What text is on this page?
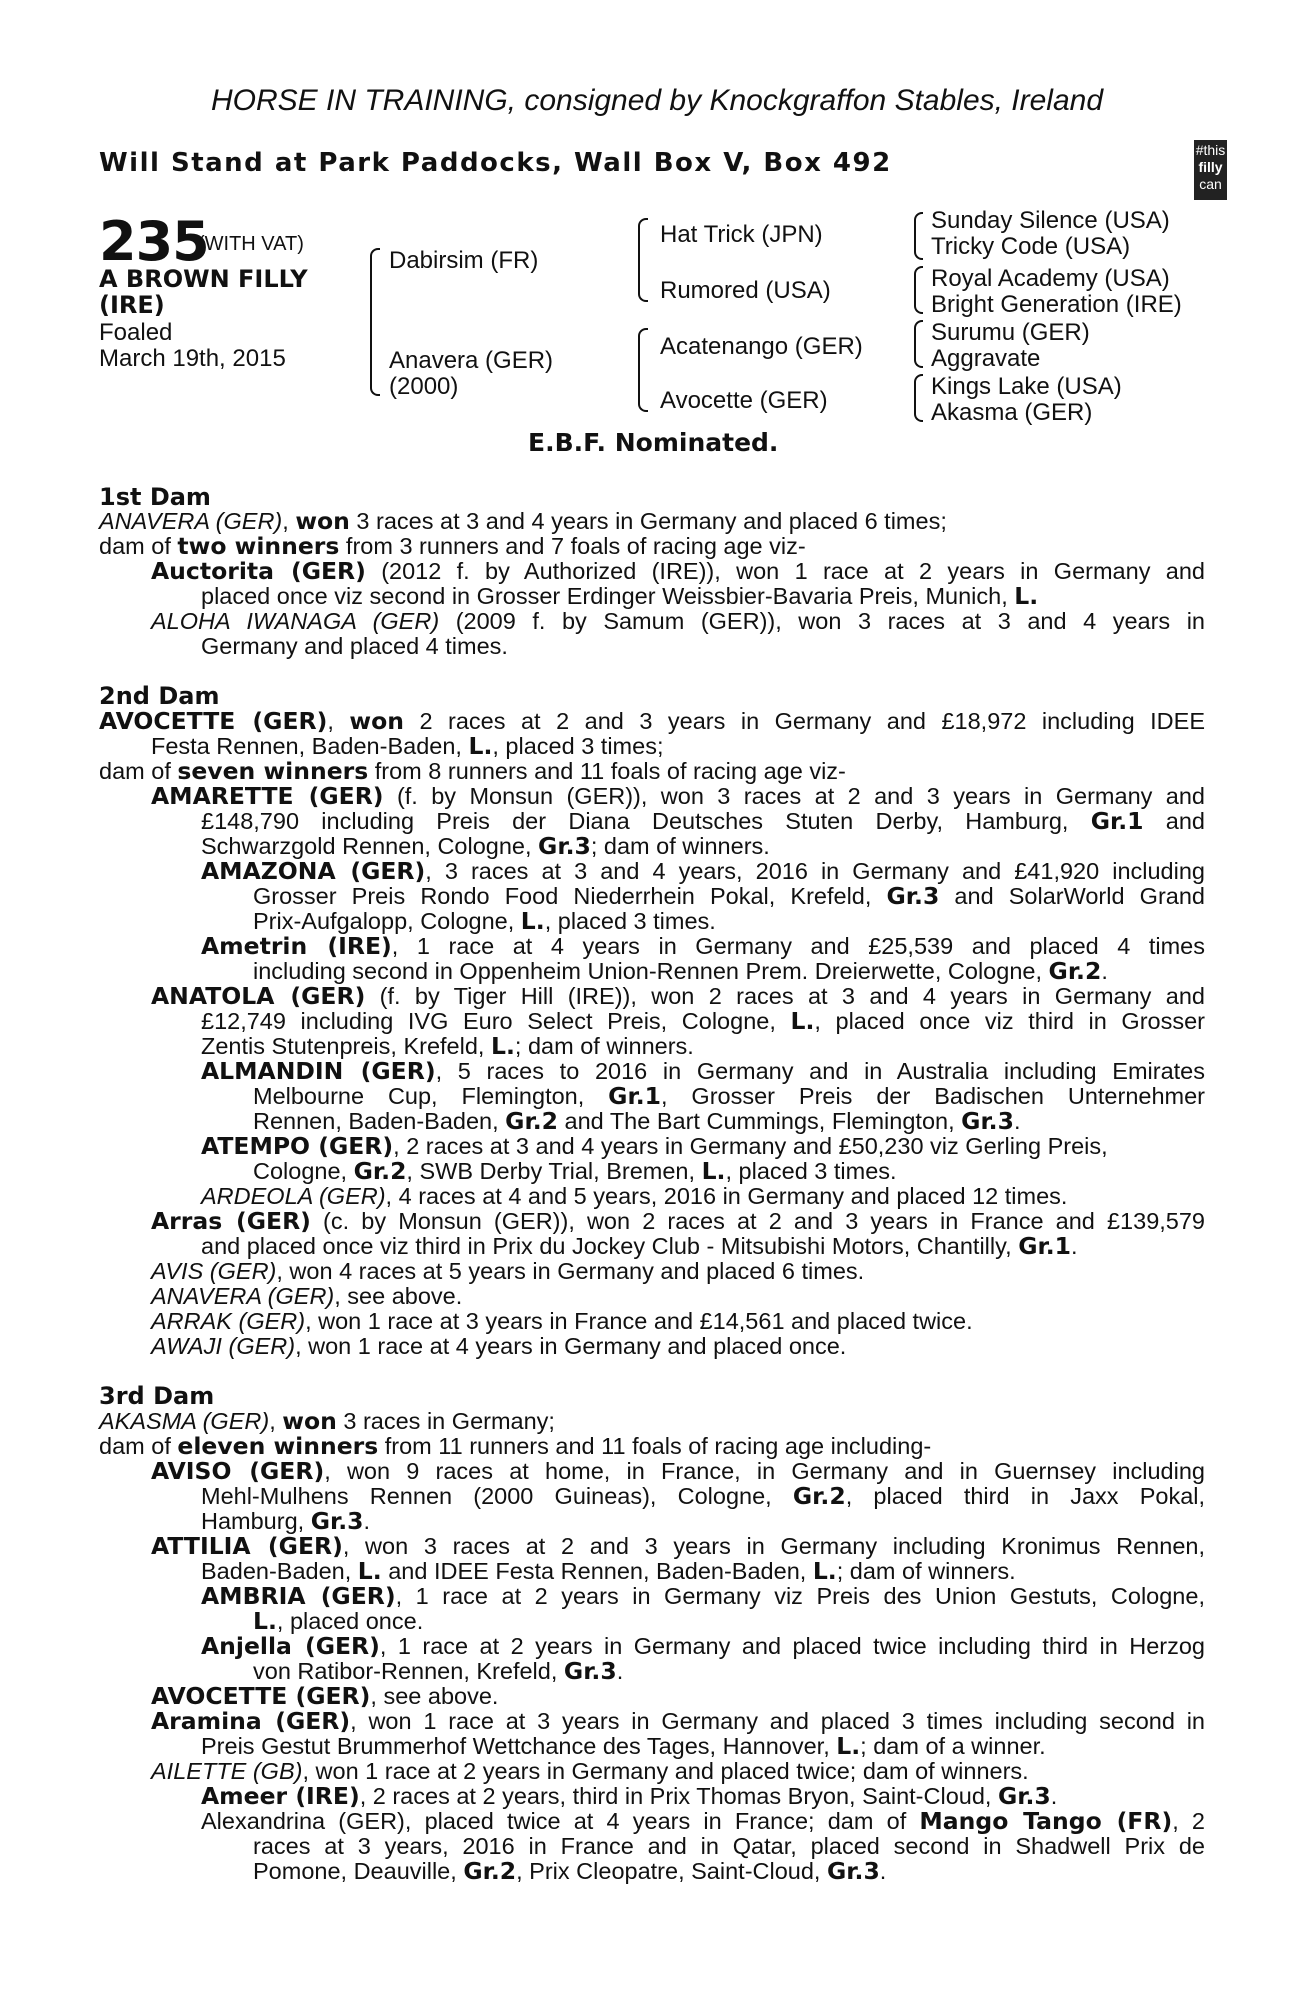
HORSE IN TRAINING, consigned by Knockgraffon Stables, Ireland
Will Stand at Park Paddocks, Wall Box V, Box 492	#this
filly
can
235
(WITH VAT)
A BROWN FILLY
(IRE)
Foaled
March 19th, 2015
Dabirsim (FR)
Anavera (GER)
(2000)
Hat Trick (JPN)
Rumored (USA)
Acatenango (GER)
Avocette (GER)
Sunday Silence (USA)
Tricky Code (USA)
Royal Academy (USA)
Bright Generation (IRE)
Surumu (GER)
Aggravate
Kings Lake (USA)
Akasma (GER)
E.B.F. Nominated.
1st Dam
ANAVERA (GER), won 3 races at 3 and 4 years in Germany and placed 6 times;
dam of two winners from 3 runners and 7 foals of racing age viz-
Auctorita (GER) (2012 f. by Authorized (IRE)), won 1 race at 2 years in Germany and
placed once viz second in Grosser Erdinger Weissbier-Bavaria Preis, Munich, L.
ALOHA IWANAGA (GER) (2009 f. by Samum (GER)), won 3 races at 3 and 4 years in
Germany and placed 4 times.
2nd Dam
AVOCETTE (GER), won 2 races at 2 and 3 years in Germany and £18,972 including IDEE
Festa Rennen, Baden-Baden, L., placed 3 times;
dam of seven winners from 8 runners and 11 foals of racing age viz-
AMARETTE (GER) (f. by Monsun (GER)), won 3 races at 2 and 3 years in Germany and
£148,790 including Preis der Diana Deutsches Stuten Derby, Hamburg, Gr.1 and
Schwarzgold Rennen, Cologne, Gr.3; dam of winners.
AMAZONA (GER), 3 races at 3 and 4 years, 2016 in Germany and £41,920 including
Grosser Preis Rondo Food Niederrhein Pokal, Krefeld, Gr.3 and SolarWorld Grand
Prix-Aufgalopp, Cologne, L., placed 3 times.
Ametrin (IRE), 1 race at 4 years in Germany and £25,539 and placed 4 times
including second in Oppenheim Union-Rennen Prem. Dreierwette, Cologne, Gr.2.
ANATOLA (GER) (f. by Tiger Hill (IRE)), won 2 races at 3 and 4 years in Germany and
£12,749 including IVG Euro Select Preis, Cologne, L., placed once viz third in Grosser
Zentis Stutenpreis, Krefeld, L.; dam of winners.
ALMANDIN (GER), 5 races to 2016 in Germany and in Australia including Emirates
Melbourne Cup, Flemington, Gr.1, Grosser Preis der Badischen Unternehmer
Rennen, Baden-Baden, Gr.2 and The Bart Cummings, Flemington, Gr.3.
ATEMPO (GER), 2 races at 3 and 4 years in Germany and £50,230 viz Gerling Preis,
Cologne, Gr.2, SWB Derby Trial, Bremen, L., placed 3 times.
ARDEOLA (GER), 4 races at 4 and 5 years, 2016 in Germany and placed 12 times.
Arras (GER) (c. by Monsun (GER)), won 2 races at 2 and 3 years in France and £139,579
and placed once viz third in Prix du Jockey Club - Mitsubishi Motors, Chantilly, Gr.1.
AVIS (GER), won 4 races at 5 years in Germany and placed 6 times.
ANAVERA (GER), see above.
ARRAK (GER), won 1 race at 3 years in France and £14,561 and placed twice.
AWAJI (GER), won 1 race at 4 years in Germany and placed once.
3rd Dam
AKASMA (GER), won 3 races in Germany;
dam of eleven winners from 11 runners and 11 foals of racing age including-
AVISO (GER), won 9 races at home, in France, in Germany and in Guernsey including
Mehl-Mulhens Rennen (2000 Guineas), Cologne, Gr.2, placed third in Jaxx Pokal,
Hamburg, Gr.3.
ATTILIA (GER), won 3 races at 2 and 3 years in Germany including Kronimus Rennen,
Baden-Baden, L. and IDEE Festa Rennen, Baden-Baden, L.; dam of winners.
AMBRIA (GER), 1 race at 2 years in Germany viz Preis des Union Gestuts, Cologne,
L., placed once.
Anjella (GER), 1 race at 2 years in Germany and placed twice including third in Herzog
von Ratibor-Rennen, Krefeld, Gr.3.
AVOCETTE (GER), see above.
Aramina (GER), won 1 race at 3 years in Germany and placed 3 times including second in
Preis Gestut Brummerhof Wettchance des Tages, Hannover, L.; dam of a winner.
AILETTE (GB), won 1 race at 2 years in Germany and placed twice; dam of winners.
Ameer (IRE), 2 races at 2 years, third in Prix Thomas Bryon, Saint-Cloud, Gr.3.
Alexandrina (GER), placed twice at 4 years in France; dam of Mango Tango (FR), 2
races at 3 years, 2016 in France and in Qatar, placed second in Shadwell Prix de
Pomone, Deauville, Gr.2, Prix Cleopatre, Saint-Cloud, Gr.3.
